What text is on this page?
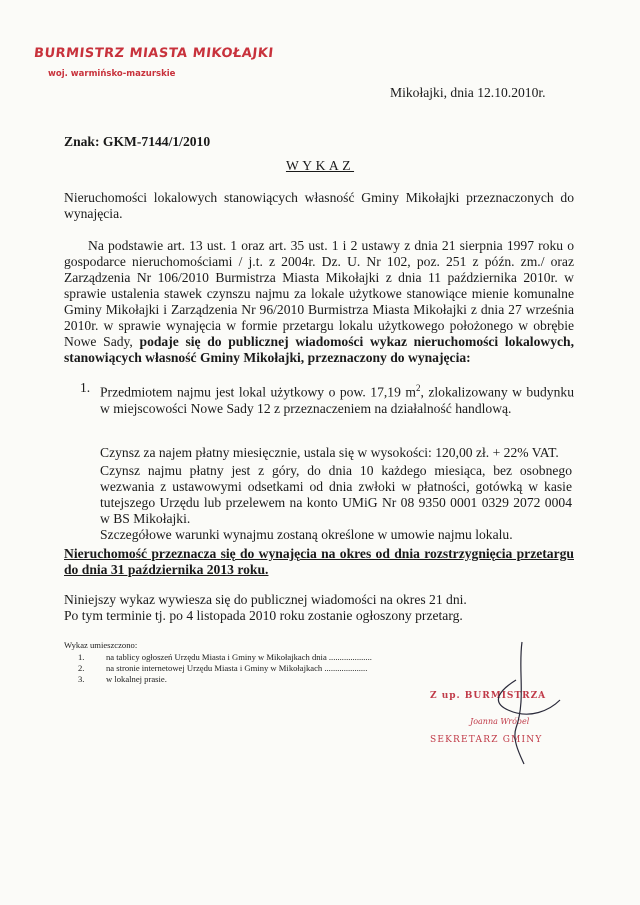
BURMISTRZ MIASTA MIKOŁAJKI
woj. warmińsko-mazurskie
Mikołajki, dnia 12.10.2010r.
Znak: GKM-7144/1/2010
WYKAZ
Nieruchomości lokalowych stanowiących własność Gminy Mikołajki przeznaczonych do wynajęcia.
Na podstawie art. 13 ust. 1 oraz art. 35 ust. 1 i 2 ustawy z dnia 21 sierpnia 1997 roku o gospodarce nieruchomościami / j.t. z 2004r. Dz. U. Nr 102, poz. 251 z późn. zm./ oraz Zarządzenia Nr 106/2010 Burmistrza Miasta Mikołajki z dnia 11 października 2010r. w sprawie ustalenia stawek czynszu najmu za lokale użytkowe stanowiące mienie komunalne Gminy Mikołajki i Zarządzenia Nr 96/2010 Burmistrza Miasta Mikołajki z dnia 27 września 2010r. w sprawie wynajęcia w formie przetargu lokalu użytkowego położonego w obrębie Nowe Sady, podaje się do publicznej wiadomości wykaz nieruchomości lokalowych, stanowiących własność Gminy Mikołajki, przeznaczony do wynajęcia:
1. Przedmiotem najmu jest lokal użytkowy o pow. 17,19 $m^2$, zlokalizowany w budynku w miejscowości Nowe Sady 12 z przeznaczeniem na działalność handlową.
Czynsz za najem płatny miesięcznie, ustala się w wysokości: 120,00 zł. + 22% VAT.
Czynsz najmu płatny jest z góry, do dnia 10 każdego miesiąca, bez osobnego wezwania z ustawowymi odsetkami od dnia zwłoki w płatności, gotówką w kasie tutejszego Urzędu lub przelewem na konto UMiG Nr 08 9350 0001 0329 2072 0004 w BS Mikołajki.
Szczegółowe warunki wynajmu zostaną określone w umowie najmu lokalu.
Nieruchomość przeznacza się do wynajęcia na okres od dnia rozstrzygnięcia przetargu do dnia 31 października 2013 roku.
Niniejszy wykaz wywiesza się do publicznej wiadomości na okres 21 dni.
Po tym terminie tj. po 4 listopada 2010 roku zostanie ogłoszony przetarg.
Wykaz umieszczono:
1.	na tablicy ogłoszeń Urzędu Miasta i Gminy w Mikołajkach dnia ....................
2.	na stronie internetowej Urzędu Miasta i Gminy w Mikołajkach ....................
3.	w lokalnej prasie.
Z up. BURMISTRZA
Joanna Wróbel
SEKRETARZ GMINY
